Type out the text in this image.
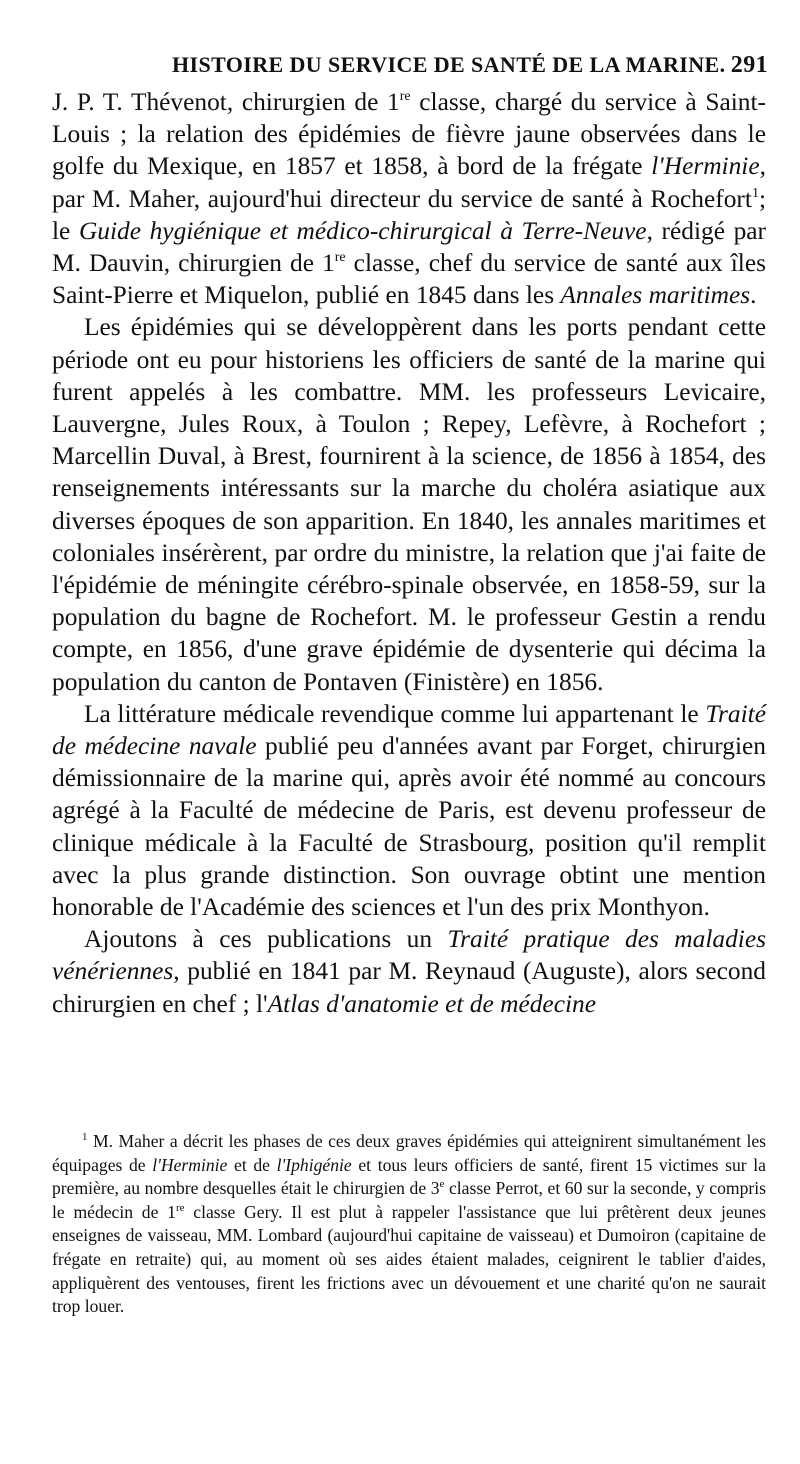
HISTOIRE DU SERVICE DE SANTÉ DE LA MARINE. 291

J. P. T. Thévenot, chirurgien de 1re classe, chargé du service à Saint-Louis ; la relation des épidémies de fièvre jaune observées dans le golfe du Mexique, en 1857 et 1858, à bord de la frégate l'Herminie, par M. Maher, aujourd'hui directeur du service de santé à Rochefort$^1$; le Guide hygiénique et médico-chirurgical à Terre-Neuve, rédigé par M. Dauvin, chirurgien de 1re classe, chef du service de santé aux îles Saint-Pierre et Miquelon, publié en 1845 dans les Annales maritimes.

Les épidémies qui se développèrent dans les ports pendant cette période ont eu pour historiens les officiers de santé de la marine qui furent appelés à les combattre. MM. les professeurs Levicaire, Lauvergne, Jules Roux, à Toulon ; Repey, Lefèvre, à Rochefort ; Marcellin Duval, à Brest, fournirent à la science, de 1856 à 1854, des renseignements intéressants sur la marche du choléra asiatique aux diverses époques de son apparition. En 1840, les annales maritimes et coloniales insérèrent, par ordre du ministre, la relation que j'ai faite de l'épidémie de méningite cérébro-spinale observée, en 1858-59, sur la population du bagne de Rochefort. M. le professeur Gestin a rendu compte, en 1856, d'une grave épidémie de dysenterie qui décima la population du canton de Pontaven (Finistère) en 1856.

La littérature médicale revendique comme lui appartenant le Traité de médecine navale publié peu d'années avant par Forget, chirurgien démissionnaire de la marine qui, après avoir été nommé au concours agrégé à la Faculté de médecine de Paris, est devenu professeur de clinique médicale à la Faculté de Strasbourg, position qu'il remplit avec la plus grande distinction. Son ouvrage obtint une mention honorable de l'Académie des sciences et l'un des prix Monthyon.

Ajoutons à ces publications un Traité pratique des maladies vénériennes, publié en 1841 par M. Reynaud (Auguste), alors second chirurgien en chef ; l'Atlas d'anatomie et de médecine

$^1$ M. Maher a décrit les phases de ces deux graves épidémies qui atteignirent simultanément les équipages de l'Herminie et de l'Iphigénie et tous leurs officiers de santé, firent 15 victimes sur la première, au nombre desquelles était le chirurgien de 3e classe Perrot, et 60 sur la seconde, y compris le médecin de 1re classe Gery. Il est plut à rappeler l'assistance que lui prêtèrent deux jeunes enseignes de vaisseau, MM. Lombard (aujourd'hui capitaine de vaisseau) et Dumoiron (capitaine de frégate en retraite) qui, au moment où ses aides étaient malades, ceignirent le tablier d'aides, appliquèrent des ventouses, firent les frictions avec un dévouement et une charité qu'on ne saurait trop louer.
